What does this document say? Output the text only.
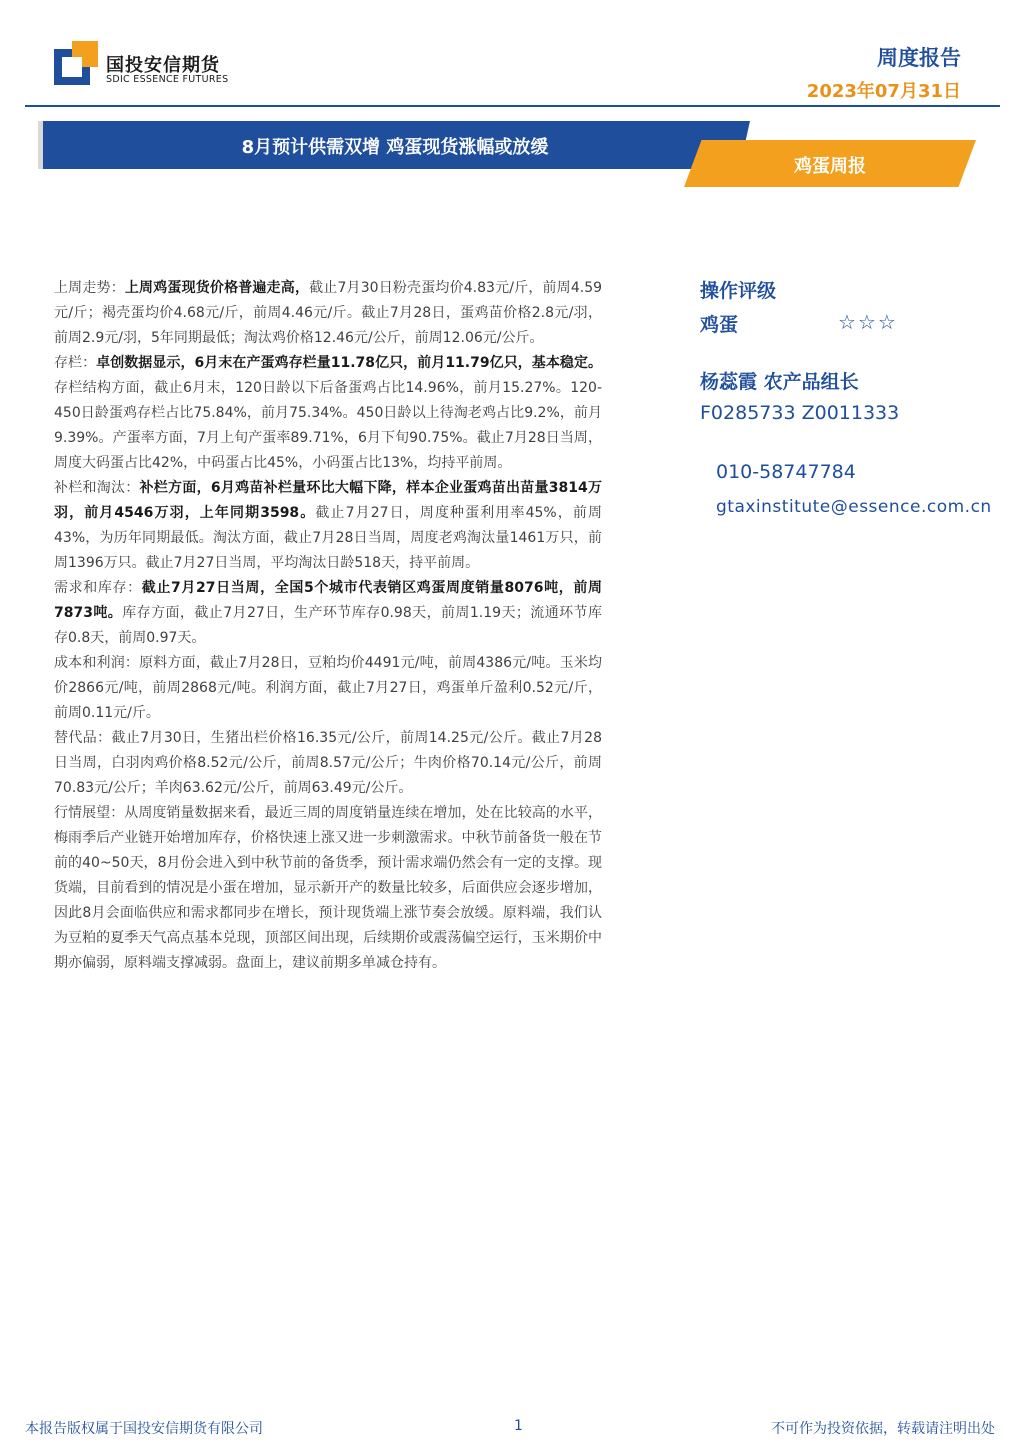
国投安信期货
SDIC ESSENCE FUTURES
周度报告
2023年07月31日
8月预计供需双增 鸡蛋现货涨幅或放缓
鸡蛋周报

上周走势：上周鸡蛋现货价格普遍走高，截止7月30日粉壳蛋均价4.83元/斤，前周4.59元/斤；褐壳蛋均价4.68元/斤，前周4.46元/斤。截止7月28日，蛋鸡苗价格2.8元/羽，前周2.9元/羽，5年同期最低；淘汰鸡价格12.46元/公斤，前周12.06元/公斤。

存栏：卓创数据显示，6月末在产蛋鸡存栏量11.78亿只，前月11.79亿只，基本稳定。存栏结构方面，截止6月末，120日龄以下后备蛋鸡占比14.96%，前月15.27%。120-450日龄蛋鸡存栏占比75.84%，前月75.34%。450日龄以上待淘老鸡占比9.2%，前月9.39%。产蛋率方面，7月上旬产蛋率89.71%，6月下旬90.75%。截止7月28日当周，周度大码蛋占比42%，中码蛋占比45%，小码蛋占比13%，均持平前周。

补栏和淘汰：补栏方面，6月鸡苗补栏量环比大幅下降，样本企业蛋鸡苗出苗量3814万羽，前月4546万羽，上年同期3598。截止7月27日，周度种蛋利用率45%，前周43%，为历年同期最低。淘汰方面，截止7月28日当周，周度老鸡淘汰量1461万只，前周1396万只。截止7月27日当周，平均淘汰日龄518天，持平前周。

需求和库存：截止7月27日当周，全国5个城市代表销区鸡蛋周度销量8076吨，前周7873吨。库存方面，截止7月27日，生产环节库存0.98天，前周1.19天；流通环节库存0.8天，前周0.97天。

成本和利润：原料方面，截止7月28日，豆粕均价4491元/吨，前周4386元/吨。玉米均价2866元/吨，前周2868元/吨。利润方面，截止7月27日，鸡蛋单斤盈利0.52元/斤，前周0.11元/斤。

替代品：截止7月30日，生猪出栏价格16.35元/公斤，前周14.25元/公斤。截止7月28日当周，白羽肉鸡价格8.52元/公斤，前周8.57元/公斤；牛肉价格70.14元/公斤，前周70.83元/公斤；羊肉63.62元/公斤，前周63.49元/公斤。

行情展望：从周度销量数据来看，最近三周的周度销量连续在增加，处在比较高的水平，梅雨季后产业链开始增加库存，价格快速上涨又进一步刺激需求。中秋节前备货一般在节前的40~50天，8月份会进入到中秋节前的备货季，预计需求端仍然会有一定的支撑。现货端，目前看到的情况是小蛋在增加，显示新开产的数量比较多，后面供应会逐步增加，因此8月会面临供应和需求都同步在增长，预计现货端上涨节奏会放缓。原料端，我们认为豆粕的夏季天气高点基本兑现，顶部区间出现，后续期价或震荡偏空运行，玉米期价中期亦偏弱，原料端支撑减弱。盘面上，建议前期多单减仓持有。

操作评级
鸡蛋	☆☆☆
杨蕊霞 农产品组长
F0285733 Z0011333
010-58747784
gtaxinstitute@essence.com.cn
本报告版权属于国投安信期货有限公司	1	不可作为投资依据，转载请注明出处
